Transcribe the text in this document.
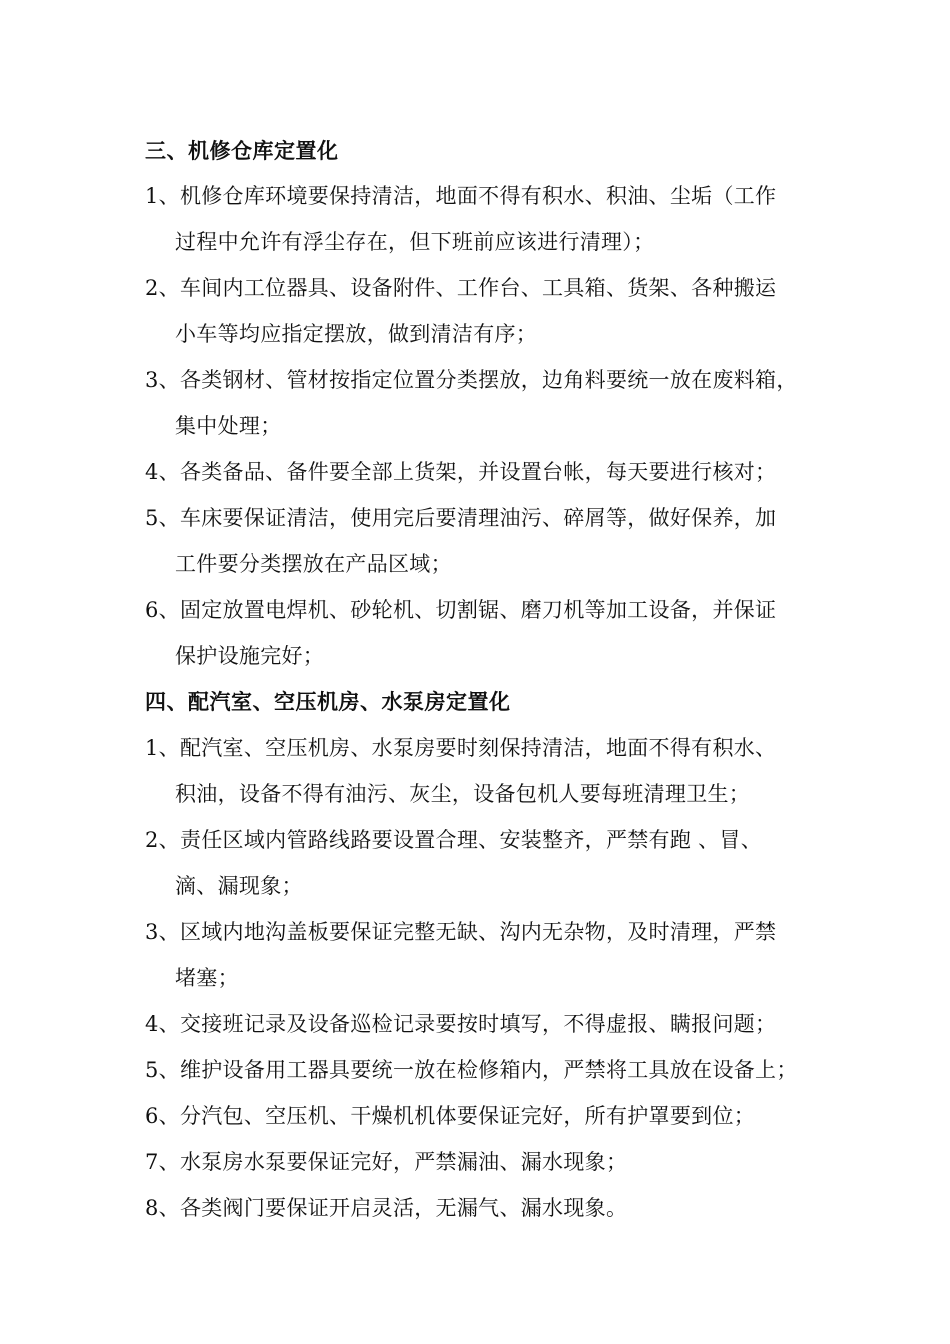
三、机修仓库定置化
1、机修仓库环境要保持清洁，地面不得有积水、积油、尘垢（工作
过程中允许有浮尘存在，但下班前应该进行清理）；
2、车间内工位器具、设备附件、工作台、工具箱、货架、各种搬运
小车等均应指定摆放，做到清洁有序；
3、各类钢材、管材按指定位置分类摆放，边角料要统一放在废料箱，
集中处理；
4、各类备品、备件要全部上货架，并设置台帐，每天要进行核对；
5、车床要保证清洁，使用完后要清理油污、碎屑等，做好保养，加
工件要分类摆放在产品区域；
6、固定放置电焊机、砂轮机、切割锯、磨刀机等加工设备，并保证
保护设施完好；
四、配汽室、空压机房、水泵房定置化
1、配汽室、空压机房、水泵房要时刻保持清洁，地面不得有积水、
积油，设备不得有油污、灰尘，设备包机人要每班清理卫生；
2、责任区域内管路线路要设置合理、安装整齐，严禁有跑 、冒、
滴、漏现象；
3、区域内地沟盖板要保证完整无缺、沟内无杂物，及时清理，严禁
堵塞；
4、交接班记录及设备巡检记录要按时填写，不得虚报、瞒报问题；
5、维护设备用工器具要统一放在检修箱内，严禁将工具放在设备上；
6、分汽包、空压机、干燥机机体要保证完好，所有护罩要到位；
7、水泵房水泵要保证完好，严禁漏油、漏水现象；
8、各类阀门要保证开启灵活，无漏气、漏水现象。
